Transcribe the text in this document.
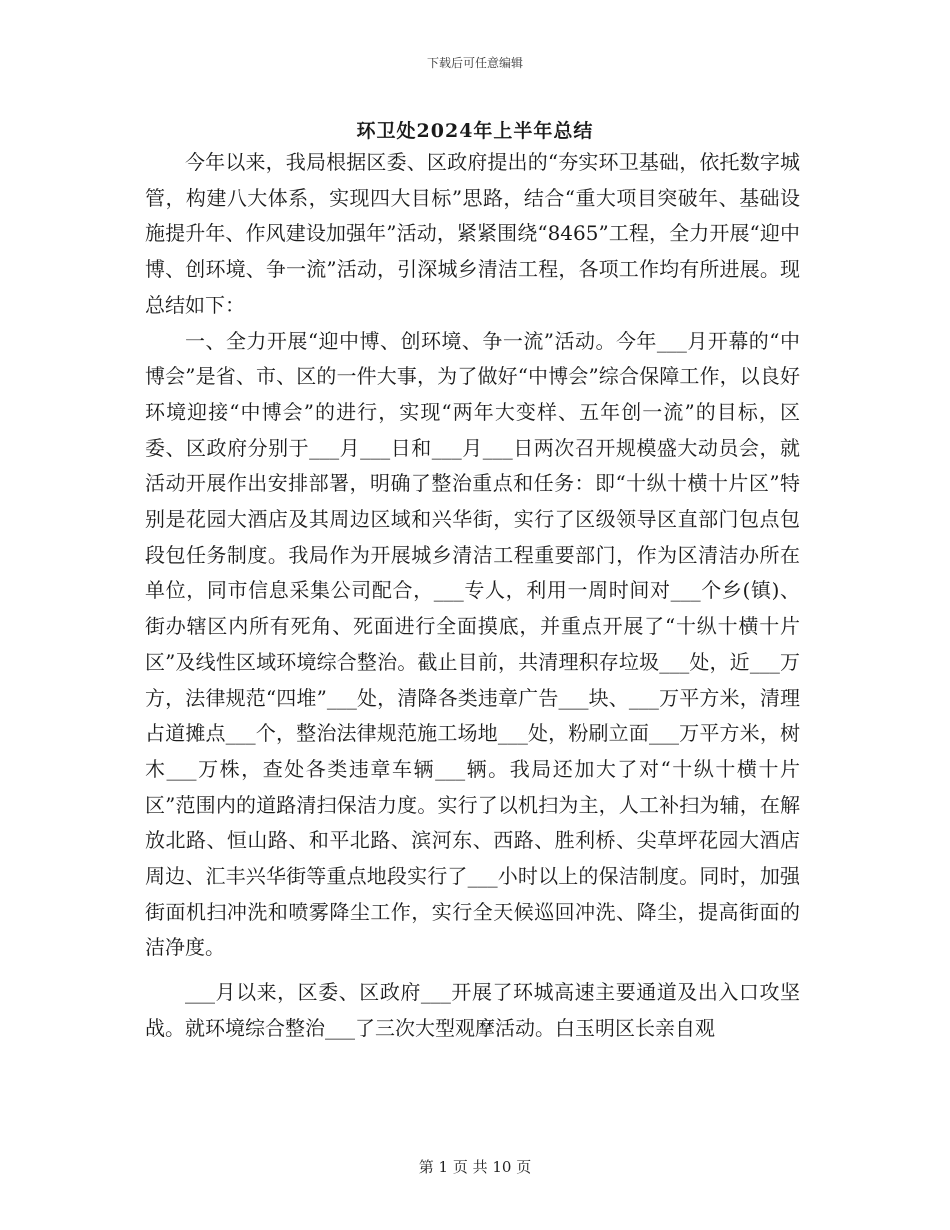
下载后可任意编辑
环卫处2024年上半年总结

今年以来，我局根据区委、区政府提出的“夯实环卫基础，依托数字城管，构建八大体系，实现四大目标”思路，结合“重大项目突破年、基础设施提升年、作风建设加强年”活动，紧紧围绕“8465”工程，全力开展“迎中博、创环境、争一流”活动，引深城乡清洁工程，各项工作均有所进展。现总结如下：

一、全力开展“迎中博、创环境、争一流”活动。今年___月开幕的“中博会”是省、市、区的一件大事，为了做好“中博会”综合保障工作，以良好环境迎接“中博会”的进行，实现“两年大变样、五年创一流”的目标，区委、区政府分别于___月___日和___月___日两次召开规模盛大动员会，就活动开展作出安排部署，明确了整治重点和任务：即“十纵十横十片区”特别是花园大酒店及其周边区域和兴华街，实行了区级领导区直部门包点包段包任务制度。我局作为开展城乡清洁工程重要部门，作为区清洁办所在单位，同市信息采集公司配合，___专人，利用一周时间对___个乡(镇)、街办辖区内所有死角、死面进行全面摸底，并重点开展了“十纵十横十片区”及线性区域环境综合整治。截止目前，共清理积存垃圾___处，近___万方，法律规范“四堆”___处，清降各类违章广告___块、___万平方米，清理占道摊点___个，整治法律规范施工场地___处，粉刷立面___万平方米，树木___万株，查处各类违章车辆___辆。我局还加大了对“十纵十横十片区”范围内的道路清扫保洁力度。实行了以机扫为主，人工补扫为辅，在解放北路、恒山路、和平北路、滨河东、西路、胜利桥、尖草坪花园大酒店周边、汇丰兴华街等重点地段实行了___小时以上的保洁制度。同时，加强街面机扫冲洗和喷雾降尘工作，实行全天候巡回冲洗、降尘，提高街面的洁净度。

___月以来，区委、区政府___开展了环城高速主要通道及出入口攻坚战。就环境综合整治___了三次大型观摩活动。白玉明区长亲自观

第 1 页 共 10 页
